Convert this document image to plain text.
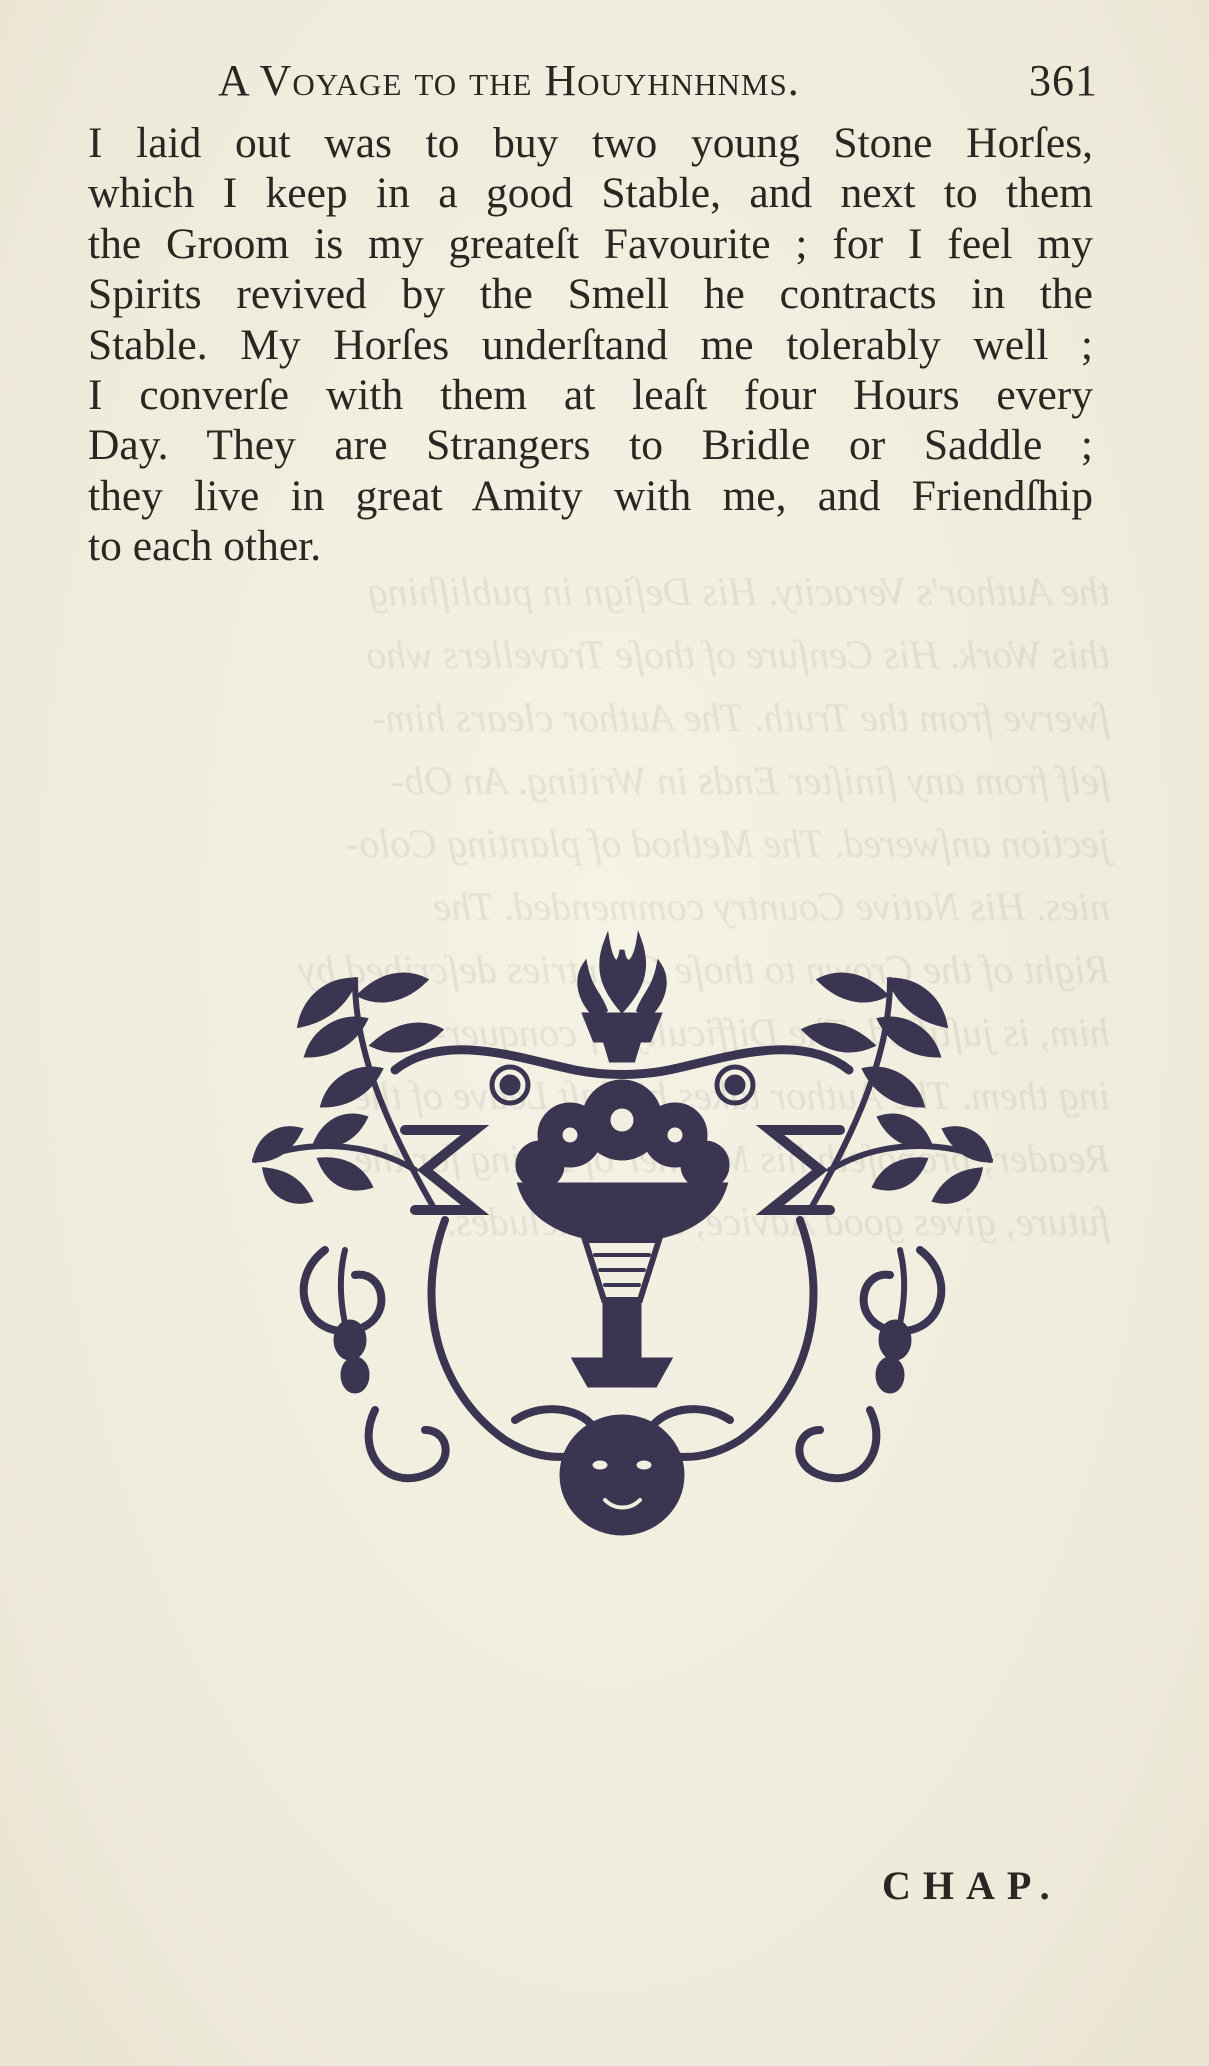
the Author's Veracity. His Deſign in publiſhing
this Work. His Cenſure of thoſe Travellers who
ſwerve from the Truth. The Author clears him-
ſelf from any ſiniſter Ends in Writing. An Ob-
jection anſwered. The Method of planting Colo-
nies. His Native Country commended. The
Right of the Crown to thoſe Countries deſcribed by
him, is juſtified. The Difficulty of conquer-
ing them. The Author takes his laſt Leave of the
Reader; propoſeth his Manner of Living for the
future, gives good Advice, and concludes.
A Voyage to the Houyhnhnms.	361
I laid out was to buy two young Stone Horſes,
which I keep in a good Stable, and next to them
the Groom is my greateſt Favourite ; for I feel my
Spirits revived by the Smell he contracts in the
Stable. My Horſes underſtand me tolerably well ;
I converſe with them at leaſt four Hours every
Day. They are Strangers to Bridle or Saddle ;
they live in great Amity with me, and Friendſhip
to each other.
CHAP.
